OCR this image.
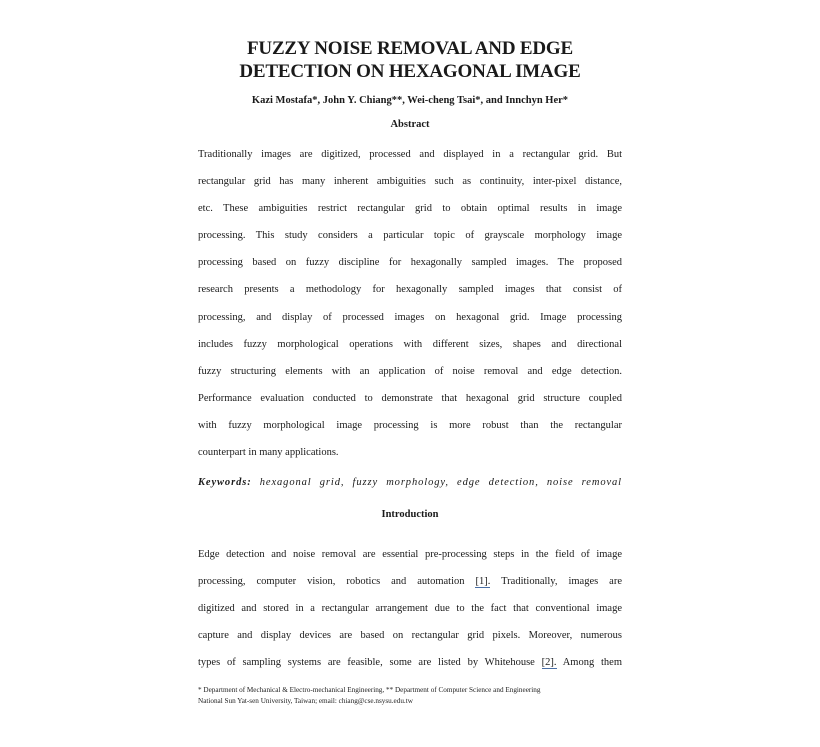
FUZZY NOISE REMOVAL AND EDGE
DETECTION ON HEXAGONAL IMAGE
Kazi Mostafa*, John Y. Chiang**, Wei-cheng Tsai*, and Innchyn Her*
Abstract
Traditionally images are digitized, processed and displayed in a rectangular grid. But
rectangular grid has many inherent ambiguities such as continuity, inter-pixel distance,
etc. These ambiguities restrict rectangular grid to obtain optimal results in image
processing. This study considers a particular topic of grayscale morphology image
processing based on fuzzy discipline for hexagonally sampled images. The proposed
research presents a methodology for hexagonally sampled images that consist of
processing, and display of processed images on hexagonal grid. Image processing
includes fuzzy morphological operations with different sizes, shapes and directional
fuzzy structuring elements with an application of noise removal and edge detection.
Performance evaluation conducted to demonstrate that hexagonal grid structure coupled
with fuzzy morphological image processing is more robust than the rectangular
counterpart in many applications.
Keywords: hexagonal grid, fuzzy morphology, edge detection, noise removal
Introduction
Edge detection and noise removal are essential pre-processing steps in the field of image
processing, computer vision, robotics and automation [1]. Traditionally, images are
digitized and stored in a rectangular arrangement due to the fact that conventional image
capture and display devices are based on rectangular grid pixels. Moreover, numerous
types of sampling systems are feasible, some are listed by Whitehouse [2]. Among them
* Department of Mechanical & Electro-mechanical Engineering, ** Department of Computer Science and Engineering
National Sun Yat-sen University, Taiwan; email: chiang@cse.nsysu.edu.tw
